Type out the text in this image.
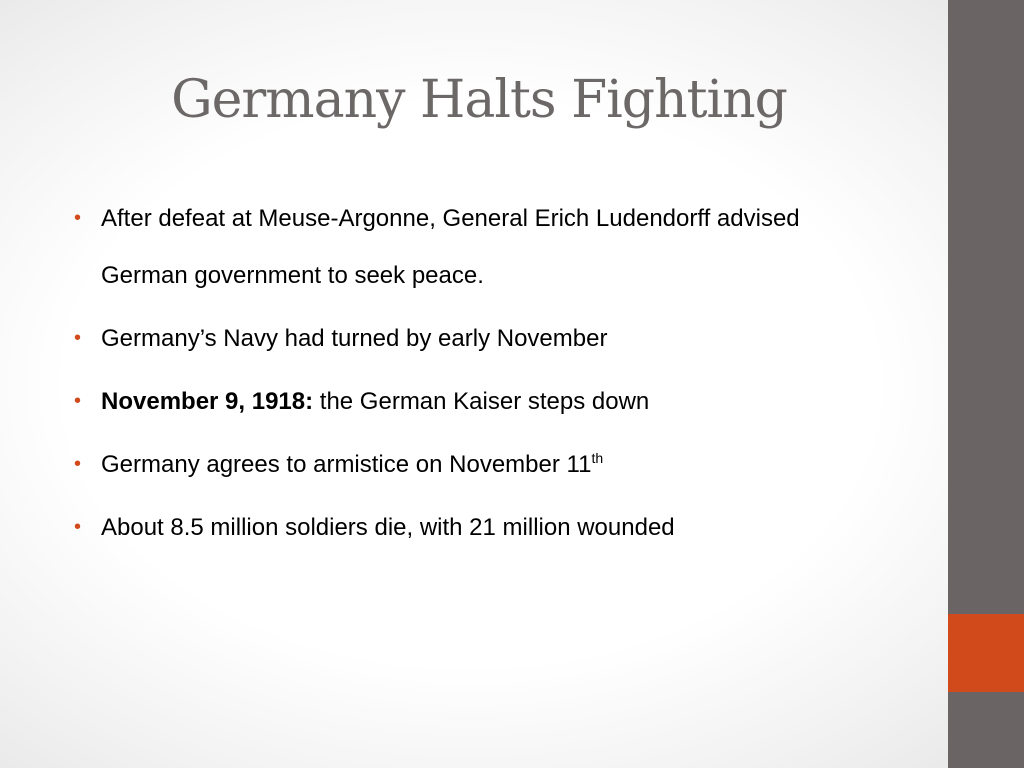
Germany Halts Fighting
• After defeat at Meuse-Argonne, General Erich Ludendorff advised German government to seek peace.
• Germany’s Navy had turned by early November
• November 9, 1918: the German Kaiser steps down
• Germany agrees to armistice on November 11th
• About 8.5 million soldiers die, with 21 million wounded
